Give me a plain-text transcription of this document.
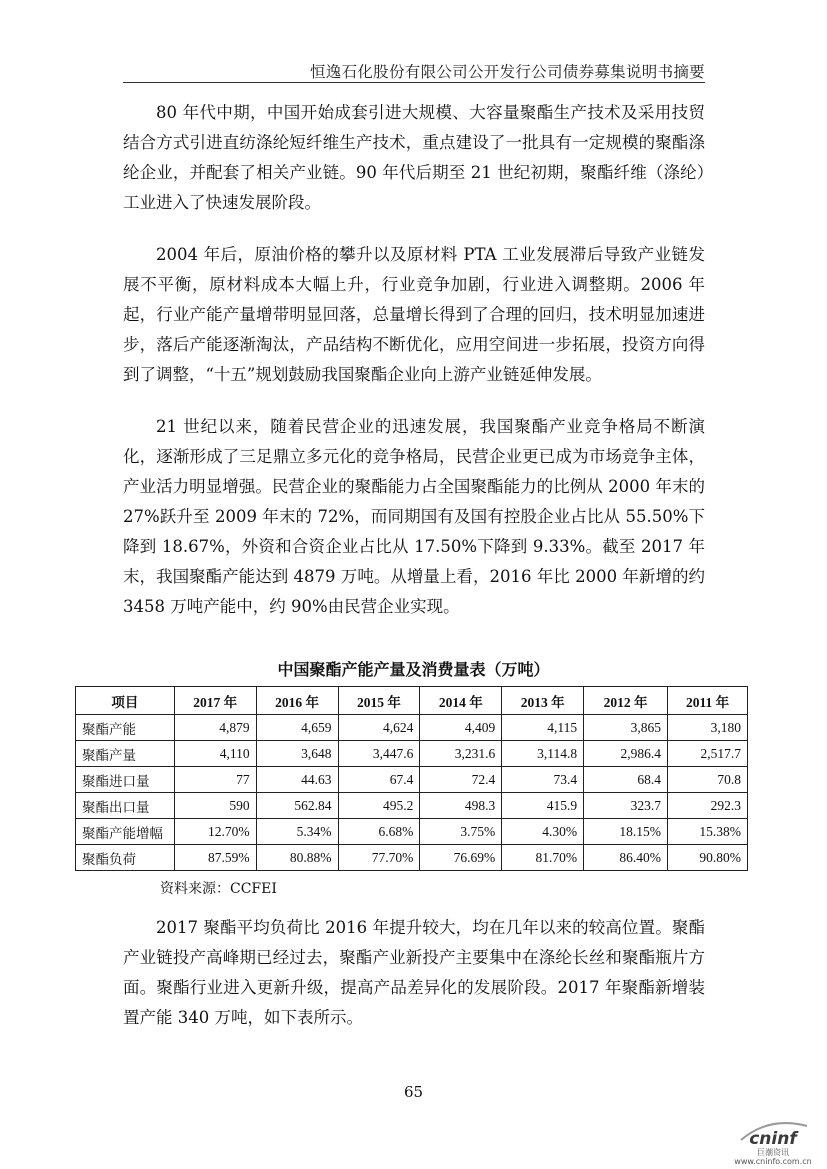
恒逸石化股份有限公司公开发行公司债券募集说明书摘要

80 年代中期，中国开始成套引进大规模、大容量聚酯生产技术及采用技贸结合方式引进直纺涤纶短纤维生产技术，重点建设了一批具有一定规模的聚酯涤纶企业，并配套了相关产业链。90 年代后期至 21 世纪初期，聚酯纤维（涤纶）工业进入了快速发展阶段。

2004 年后，原油价格的攀升以及原材料 PTA 工业发展滞后导致产业链发展不平衡，原材料成本大幅上升，行业竞争加剧，行业进入调整期。2006 年起，行业产能产量增带明显回落，总量增长得到了合理的回归，技术明显加速进步，落后产能逐渐淘汰，产品结构不断优化，应用空间进一步拓展，投资方向得到了调整，“十五”规划鼓励我国聚酯企业向上游产业链延伸发展。

21 世纪以来，随着民营企业的迅速发展，我国聚酯产业竞争格局不断演化，逐渐形成了三足鼎立多元化的竞争格局，民营企业更已成为市场竞争主体，产业活力明显增强。民营企业的聚酯能力占全国聚酯能力的比例从 2000 年末的 27%跃升至 2009 年末的 72%，而同期国有及国有控股企业占比从 55.50%下降到 18.67%，外资和合资企业占比从 17.50%下降到 9.33%。截至 2017 年末，我国聚酯产能达到 4879 万吨。从增量上看，2016 年比 2000 年新增的约 3458 万吨产能中，约 90%由民营企业实现。

中国聚酯产能产量及消费量表（万吨）
项目	2017 年	2016 年	2015 年	2014 年	2013 年	2012 年	2011 年
聚酯产能	4,879	4,659	4,624	4,409	4,115	3,865	3,180
聚酯产量	4,110	3,648	3,447.6	3,231.6	3,114.8	2,986.4	2,517.7
聚酯进口量	77	44.63	67.4	72.4	73.4	68.4	70.8
聚酯出口量	590	562.84	495.2	498.3	415.9	323.7	292.3
聚酯产能增幅	12.70%	5.34%	6.68%	3.75%	4.30%	18.15%	15.38%
聚酯负荷	87.59%	80.88%	77.70%	76.69%	81.70%	86.40%	90.80%
资料来源：CCFEI

2017 聚酯平均负荷比 2016 年提升较大，均在几年以来的较高位置。聚酯产业链投产高峰期已经过去，聚酯产业新投产主要集中在涤纶长丝和聚酯瓶片方面。聚酯行业进入更新升级，提高产品差异化的发展阶段。2017 年聚酯新增装置产能 340 万吨，如下表所示。

65
cninf
巨潮资讯
www.cninfo.com.cn
